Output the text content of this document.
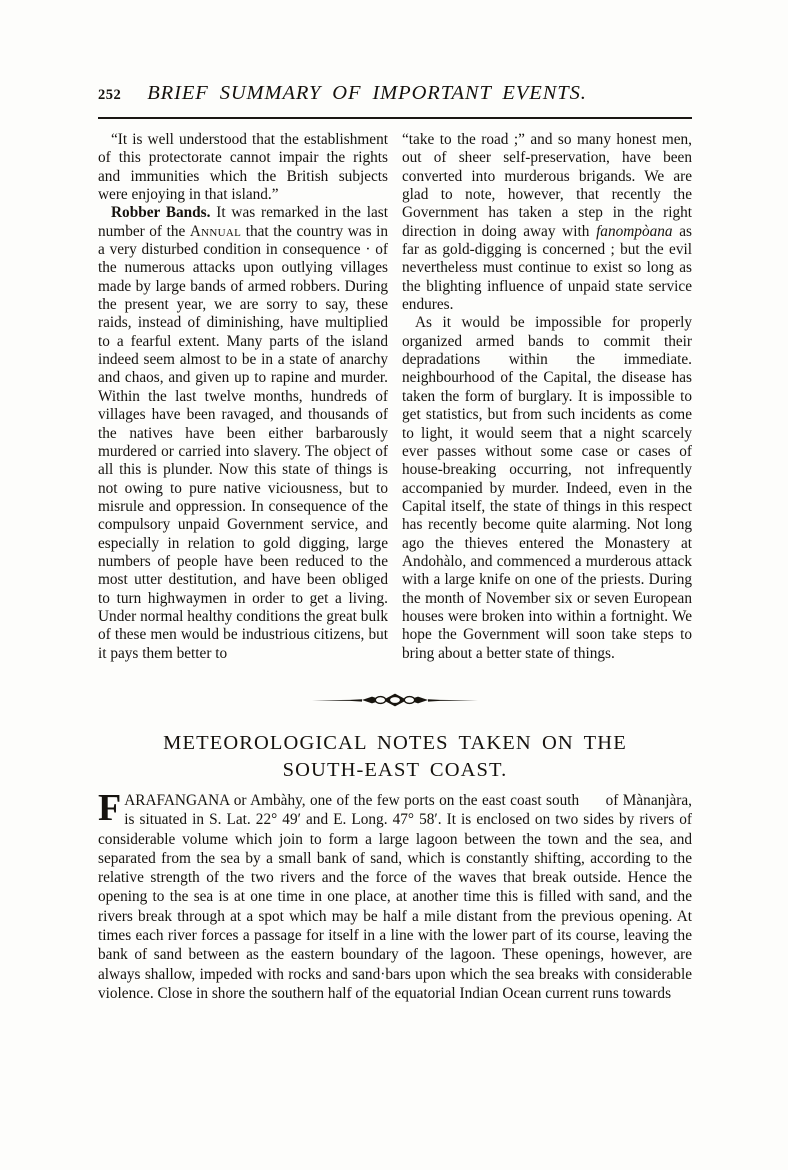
252 BRIEF SUMMARY OF IMPORTANT EVENTS.

“It is well understood that the establishment of this protectorate cannot impair the rights and immunities which the British subjects were enjoying in that island.”

Robber Bands. It was remarked in the last number of the Annual that the country was in a very disturbed condition in consequence · of the numerous attacks upon outlying villages made by large bands of armed robbers. During the present year, we are sorry to say, these raids, instead of diminishing, have multiplied to a fearful extent. Many parts of the island indeed seem almost to be in a state of anarchy and chaos, and given up to rapine and murder. Within the last twelve months, hundreds of villages have been ravaged, and thousands of the natives have been either barbarously murdered or carried into slavery. The object of all this is plunder. Now this state of things is not owing to pure native viciousness, but to misrule and oppression. In consequence of the compulsory unpaid Government service, and especially in relation to gold digging, large numbers of people have been reduced to the most utter destitution, and have been obliged to turn highwaymen in order to get a living. Under normal healthy conditions the great bulk of these men would be industrious citizens, but it pays them better to

“take to the road ;” and so many honest men, out of sheer self-preservation, have been converted into murderous brigands. We are glad to note, however, that recently the Government has taken a step in the right direction in doing away with fanompòana as far as gold-digging is concerned ; but the evil nevertheless must continue to exist so long as the blighting influence of unpaid state service endures.

As it would be impossible for properly organized armed bands to commit their depradations within the immediate. neighbourhood of the Capital, the disease has taken the form of burglary. It is impossible to get statistics, but from such incidents as come to light, it would seem that a night scarcely ever passes without some case or cases of house-breaking occurring, not infrequently accompanied by murder. Indeed, even in the Capital itself, the state of things in this respect has recently become quite alarming. Not long ago the thieves entered the Monastery at Andohàlo, and commenced a murderous attack with a large knife on one of the priests. During the month of November six or seven European houses were broken into within a fortnight. We hope the Government will soon take steps to bring about a better state of things.

METEOROLOGICAL NOTES TAKEN ON THE
SOUTH-EAST COAST.

FARAFANGANA or Ambàhy, one of the few ports on the east coast south of Mànanjàra, is situated in S. Lat. 22° 49′ and E. Long. 47° 58′. It is enclosed on two sides by rivers of considerable volume which join to form a large lagoon between the town and the sea, and separated from the sea by a small bank of sand, which is constantly shifting, according to the relative strength of the two rivers and the force of the waves that break outside. Hence the opening to the sea is at one time in one place, at another time this is filled with sand, and the rivers break through at a spot which may be half a mile distant from the previous opening. At times each river forces a passage for itself in a line with the lower part of its course, leaving the bank of sand between as the eastern boundary of the lagoon. These openings, however, are always shallow, impeded with rocks and sand·bars upon which the sea breaks with considerable violence. Close in shore the southern half of the equatorial Indian Ocean current runs towards
